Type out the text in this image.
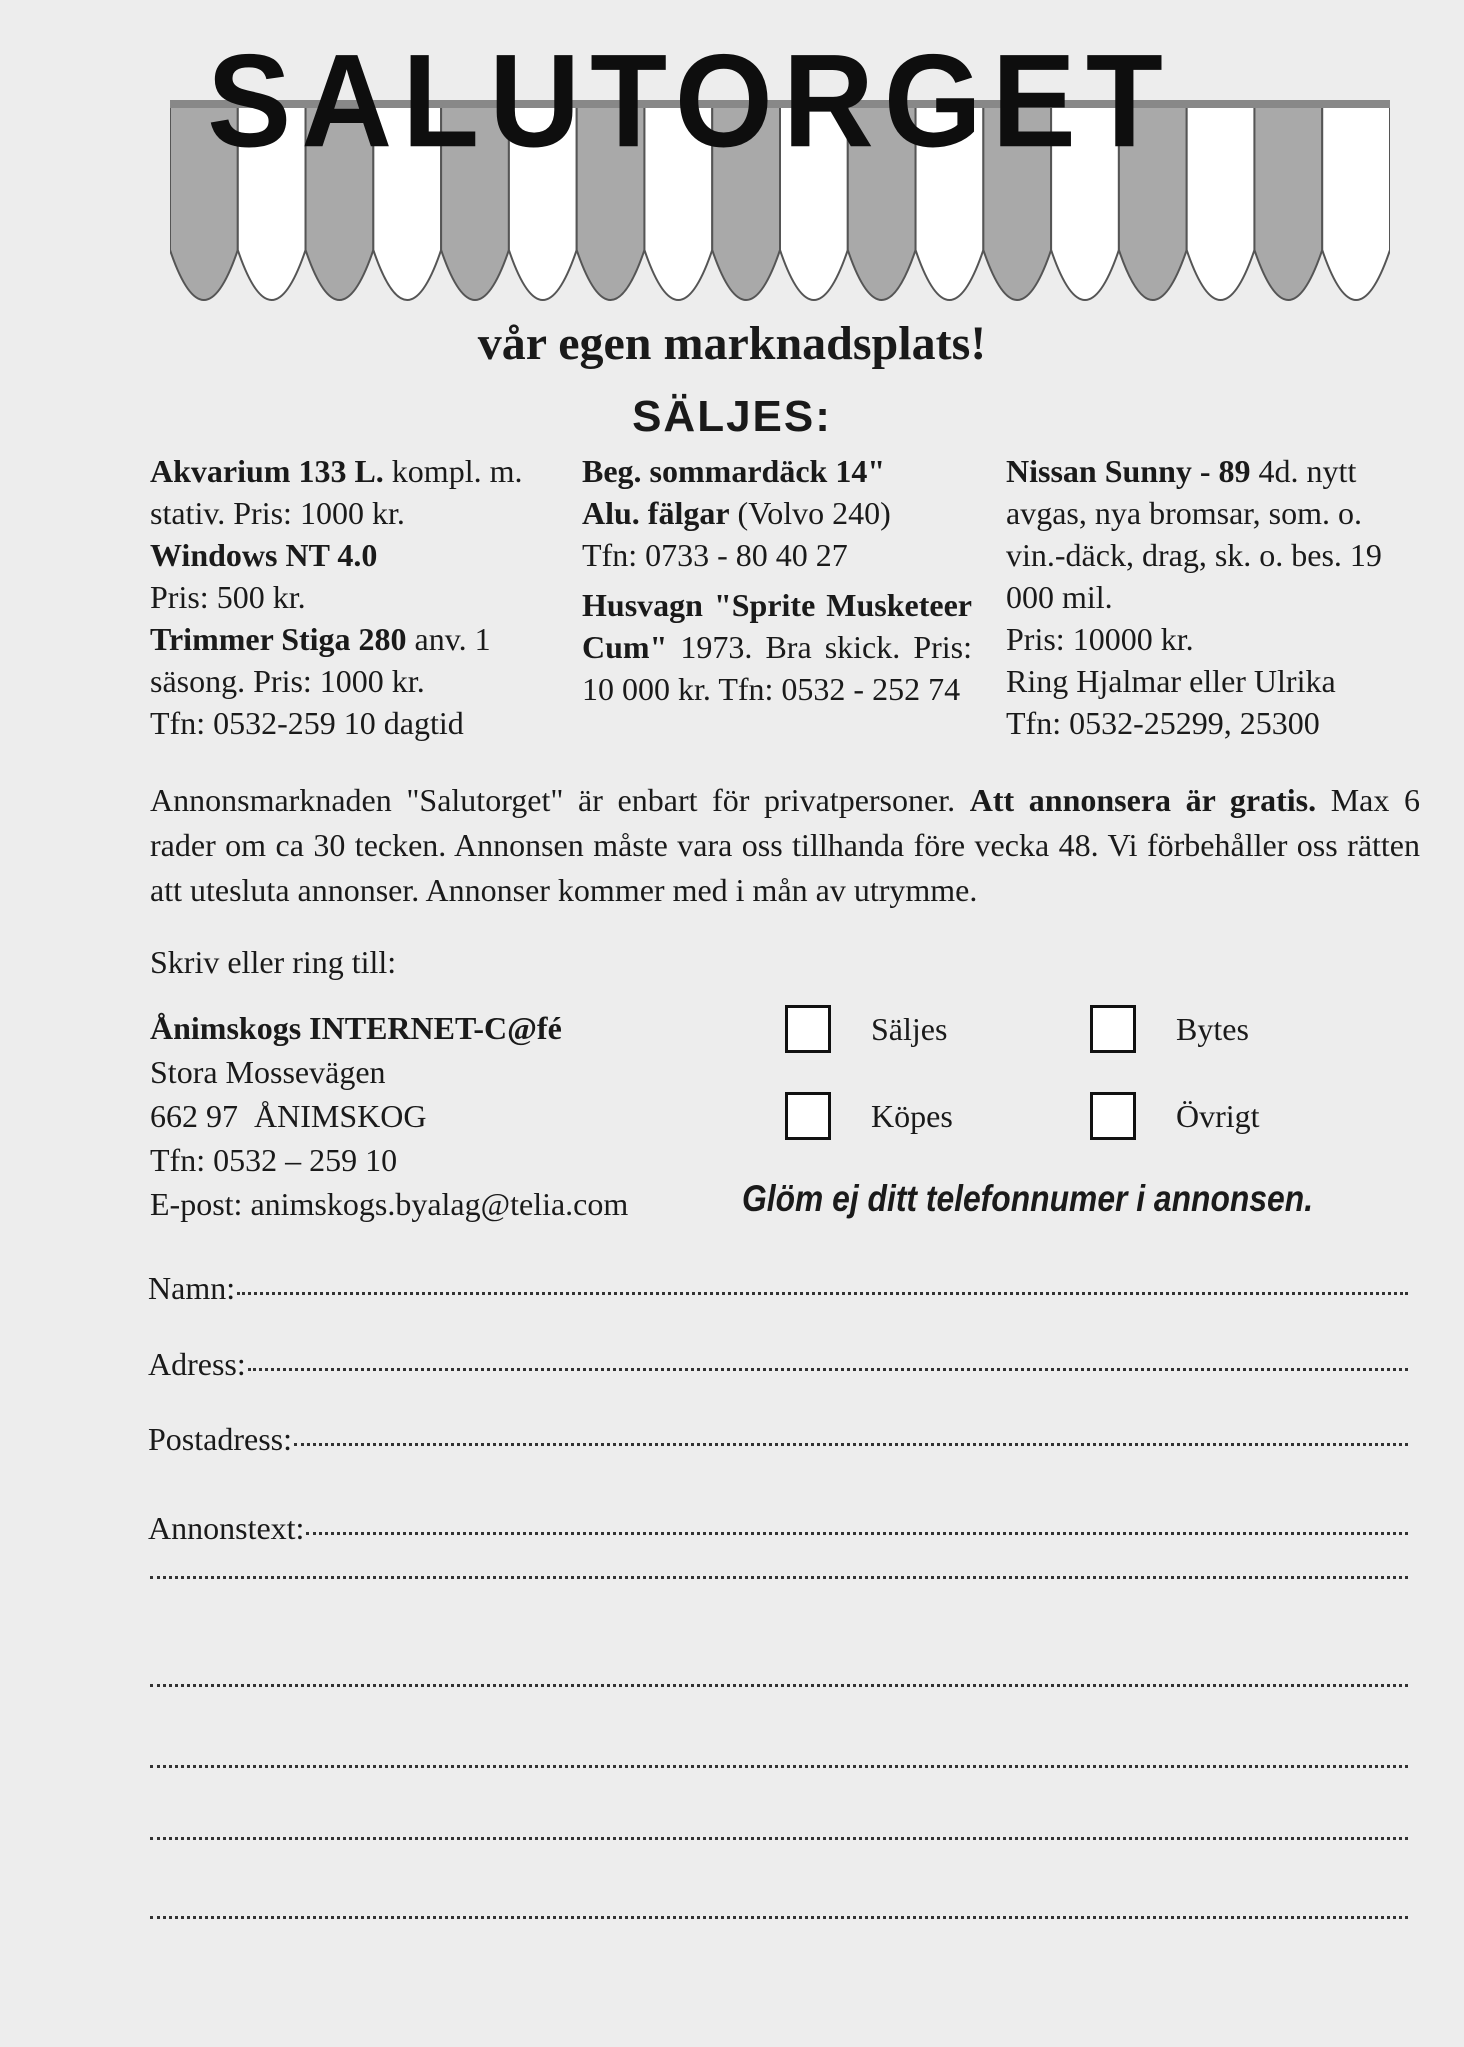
SALUTORGET
vår egen marknadsplats!
SÄLJES:

Akvarium 133 L. kompl. m. stativ. Pris: 1000 kr.

Windows NT 4.0
Pris: 500 kr.

Trimmer Stiga 280 anv. 1 säsong. Pris: 1000 kr.
Tfn: 0532-259 10 dagtid

Beg. sommardäck 14"
Alu. fälgar (Volvo 240)
Tfn: 0733 - 80 40 27

Husvagn "Sprite Musketeer Cum" 1973. Bra skick. Pris: 10 000 kr. Tfn: 0532 - 252 74

Nissan Sunny - 89 4d. nytt avgas, nya bromsar, som. o. vin.-däck, drag, sk. o. bes. 19 000 mil.
Pris: 10000 kr.
Ring Hjalmar eller Ulrika
Tfn: 0532-25299, 25300

Annonsmarknaden "Salutorget" är enbart för privatpersoner. Att annonsera är gratis. Max 6 rader om ca 30 tecken. Annonsen måste vara oss tillhanda före vecka 48. Vi förbehåller oss rätten att utesluta annonser. Annonser kommer med i mån av utrymme.
Skriv eller ring till:

Ånimskogs INTERNET-C@fé

Stora Mossevägen

662 97  ÅNIMSKOG

Tfn: 0532 – 259 10

E-post: animskogs.byalag@telia.com

Säljes	Bytes
Köpes	Övrigt
Glöm ej ditt telefonnumer i annonsen.
Namn:
Adress:
Postadress:
Annonstext:
